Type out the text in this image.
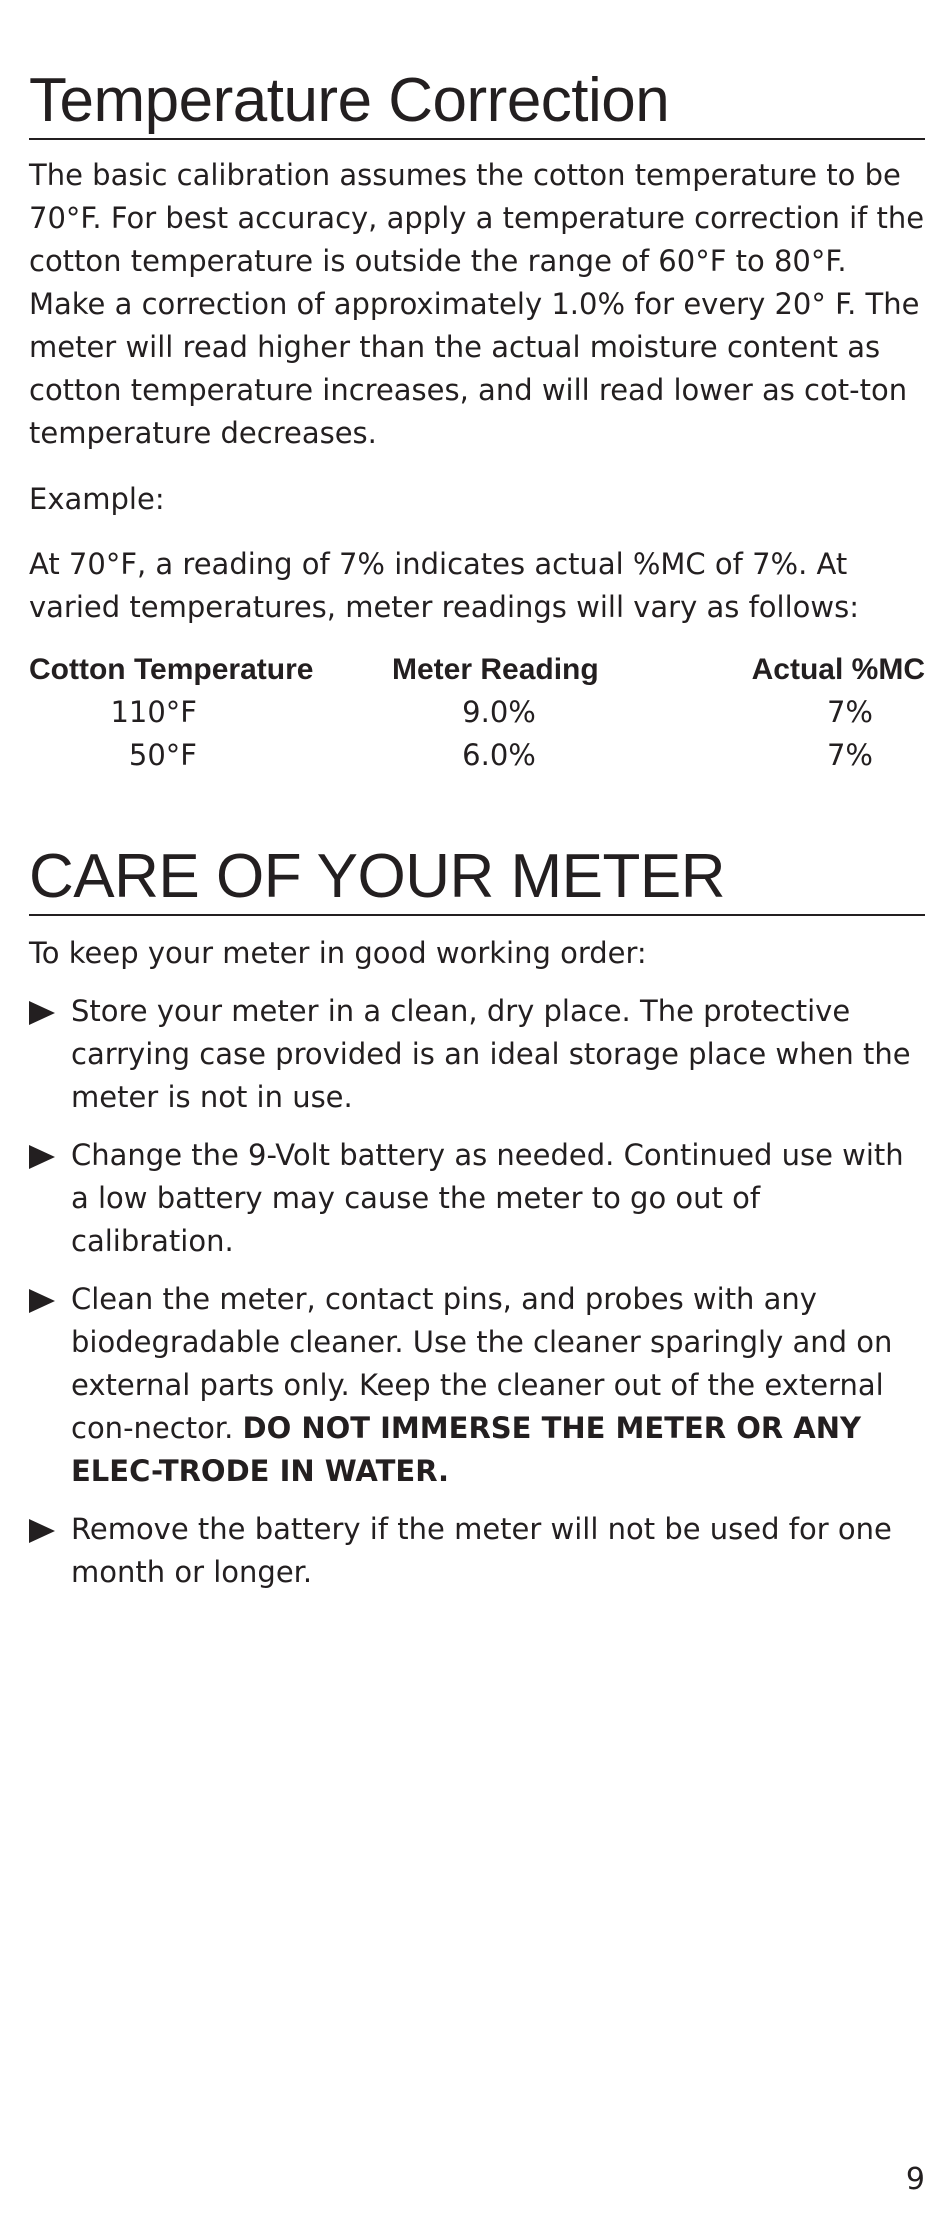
Temperature Correction

The basic calibration assumes the cotton temperature to be 70°F. For best accuracy, apply a temperature correction if the cotton temperature is outside the range of 60°F to 80°F. Make a correction of approximately 1.0% for every 20° F. The meter will read higher than the actual moisture content as cotton temperature increases, and will read lower as cot-ton temperature decreases.

Example:

At 70°F, a reading of 7% indicates actual %MC of 7%. At varied temperatures, meter readings will vary as follows:

Cotton Temperature	Meter Reading	Actual %MC
110°F	9.0%	7%
50°F	6.0%	7%
CARE OF YOUR METER

To keep your meter in good working order:

Store your meter in a clean, dry place. The protective carrying case provided is an ideal storage place when the meter is not in use.
Change the 9-Volt battery as needed. Continued use with a low battery may cause the meter to go out of calibration.
Clean the meter, contact pins, and probes with any biodegradable cleaner. Use the cleaner sparingly and on external parts only. Keep the cleaner out of the external con-nector. DO NOT IMMERSE THE METER OR ANY ELEC-TRODE IN WATER.
Remove the battery if the meter will not be used for one month or longer.
9
